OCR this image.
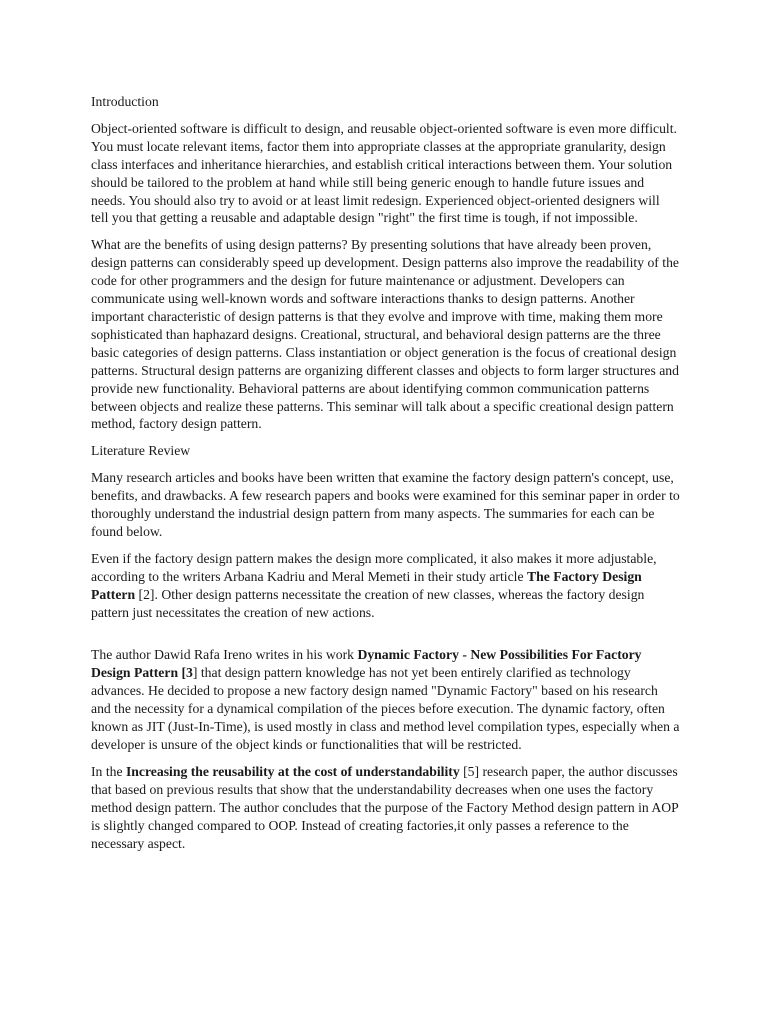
Introduction

Object-oriented software is difficult to design, and reusable object-oriented software is even more difficult. You must locate relevant items, factor them into appropriate classes at the appropriate granularity, design class interfaces and inheritance hierarchies, and establish critical interactions between them. Your solution should be tailored to the problem at hand while still being generic enough to handle future issues and needs. You should also try to avoid or at least limit redesign. Experienced object-oriented designers will tell you that getting a reusable and adaptable design "right" the first time is tough, if not impossible.

What are the benefits of using design patterns? By presenting solutions that have already been proven, design patterns can considerably speed up development. Design patterns also improve the readability of the code for other programmers and the design for future maintenance or adjustment. Developers can communicate using well-known words and software interactions thanks to design patterns. Another important characteristic of design patterns is that they evolve and improve with time, making them more sophisticated than haphazard designs. Creational, structural, and behavioral design patterns are the three basic categories of design patterns. Class instantiation or object generation is the focus of creational design patterns. Structural design patterns are organizing different classes and objects to form larger structures and provide new functionality. Behavioral patterns are about identifying common communication patterns between objects and realize these patterns. This seminar will talk about a specific creational design pattern method, factory design pattern.

Literature Review

Many research articles and books have been written that examine the factory design pattern's concept, use, benefits, and drawbacks. A few research papers and books were examined for this seminar paper in order to thoroughly understand the industrial design pattern from many aspects. The summaries for each can be found below.

Even if the factory design pattern makes the design more complicated, it also makes it more adjustable, according to the writers Arbana Kadriu and Meral Memeti in their study article The Factory Design Pattern [2]. Other design patterns necessitate the creation of new classes, whereas the factory design pattern just necessitates the creation of new actions.

The author Dawid Rafa Ireno writes in his work Dynamic Factory - New Possibilities For Factory Design Pattern [3] that design pattern knowledge has not yet been entirely clarified as technology advances. He decided to propose a new factory design named "Dynamic Factory" based on his research and the necessity for a dynamical compilation of the pieces before execution. The dynamic factory, often known as JIT (Just-In-Time), is used mostly in class and method level compilation types, especially when a developer is unsure of the object kinds or functionalities that will be restricted.

In the Increasing the reusability at the cost of understandability [5] research paper, the author discusses that based on previous results that show that the understandability decreases when one uses the factory method design pattern. The author concludes that the purpose of the Factory Method design pattern in AOP is slightly changed compared to OOP. Instead of creating factories,it only passes a reference to the necessary aspect.
